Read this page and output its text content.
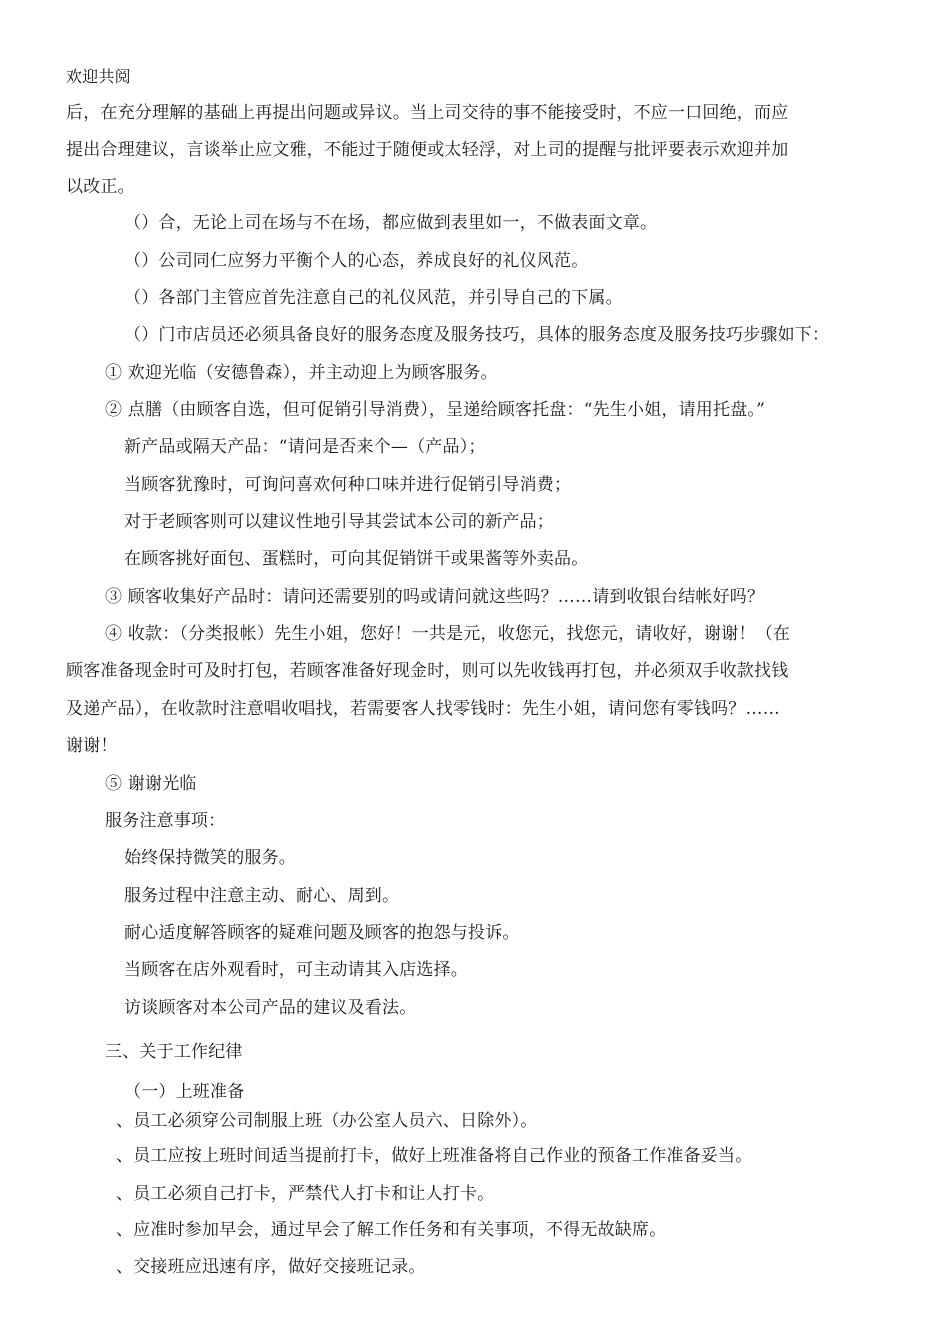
欢迎共阅
后，在充分理解的基础上再提出问题或异议。当上司交待的事不能接受时，不应一口回绝，而应
提出合理建议，言谈举止应文雅，不能过于随便或太轻浮，对上司的提醒与批评要表示欢迎并加
以改正。
（）合，无论上司在场与不在场，都应做到表里如一，不做表面文章。
（）公司同仁应努力平衡个人的心态，养成良好的礼仪风范。
（）各部门主管应首先注意自己的礼仪风范，并引导自己的下属。
（）门市店员还必须具备良好的服务态度及服务技巧，具体的服务态度及服务技巧步骤如下：
① 欢迎光临（安德鲁森），并主动迎上为顾客服务。
② 点膳（由顾客自选，但可促销引导消费），呈递给顾客托盘：“先生小姐，请用托盘。”
新产品或隔天产品：“请问是否来个—（产品）；
当顾客犹豫时，可询问喜欢何种口味并进行促销引导消费；
对于老顾客则可以建议性地引导其尝试本公司的新产品；
在顾客挑好面包、蛋糕时，可向其促销饼干或果酱等外卖品。
③ 顾客收集好产品时：请问还需要别的吗或请问就这些吗？……请到收银台结帐好吗？
④ 收款：（分类报帐）先生小姐，您好！一共是元，收您元，找您元，请收好，谢谢！（在
顾客准备现金时可及时打包，若顾客准备好现金时，则可以先收钱再打包，并必须双手收款找钱
及递产品），在收款时注意唱收唱找，若需要客人找零钱时：先生小姐，请问您有零钱吗？……
谢谢！
⑤ 谢谢光临
服务注意事项：
始终保持微笑的服务。
服务过程中注意主动、耐心、周到。
耐心适度解答顾客的疑难问题及顾客的抱怨与投诉。
当顾客在店外观看时，可主动请其入店选择。
访谈顾客对本公司产品的建议及看法。
三、关于工作纪律
（一）上班准备
、员工必须穿公司制服上班（办公室人员六、日除外）。
、员工应按上班时间适当提前打卡，做好上班准备将自己作业的预备工作准备妥当。
、员工必须自己打卡，严禁代人打卡和让人打卡。
、应准时参加早会，通过早会了解工作任务和有关事项，不得无故缺席。
、交接班应迅速有序，做好交接班记录。
